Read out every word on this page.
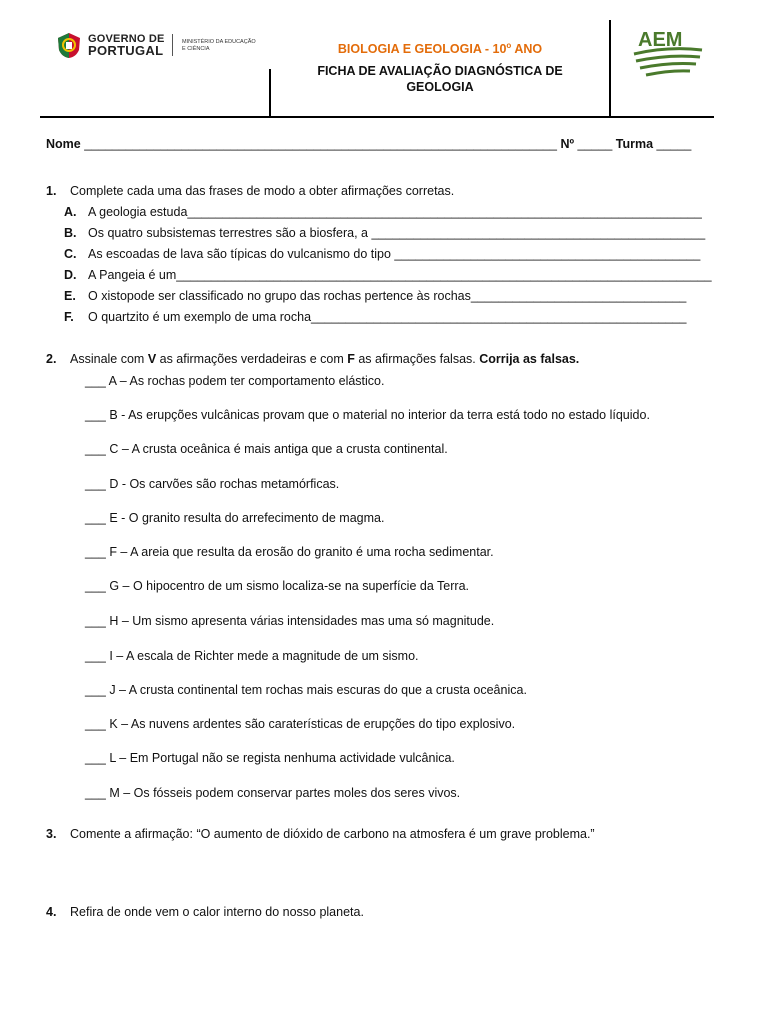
GOVERNO DE
PORTUGAL
MINISTÉRIO DA EDUCAÇÃO
E CIÊNCIA	BIOLOGIA E GEOLOGIA - 10$^o$ ANO
FICHA DE AVALIAÇÃO DIAGNÓSTICA DE
GEOLOGIA
AEM
Nome ____________________________________________________________________ Nº _____ Turma _____
1. Complete cada uma das frases de modo a obter afirmações corretas.
A. A geologia estuda__________________________________________________________________________
B. Os quatro subsistemas terrestres são a biosfera, a ________________________________________________
C. As escoadas de lava são típicas do vulcanismo do tipo ____________________________________________
D. A Pangeia é um_____________________________________________________________________________
E. O xistopode ser classificado no grupo das rochas pertence às rochas_______________________________
F. O quartzito é um exemplo de uma rocha______________________________________________________
2. Assinale com V as afirmações verdadeiras e com F as afirmações falsas. Corrija as falsas.
___ A – As rochas podem ter comportamento elástico.
___ B - As erupções vulcânicas provam que o material no interior da terra está todo no estado líquido.
___ C – A crusta oceânica é mais antiga que a crusta continental.
___ D - Os carvões são rochas metamórficas.
___ E - O granito resulta do arrefecimento de magma.
___ F – A areia que resulta da erosão do granito é uma rocha sedimentar.
___ G – O hipocentro de um sismo localiza-se na superfície da Terra.
___ H – Um sismo apresenta várias intensidades mas uma só magnitude.
___ I – A escala de Richter mede a magnitude de um sismo.
___ J – A crusta continental tem rochas mais escuras do que a crusta oceânica.
___ K – As nuvens ardentes são caraterísticas de erupções do tipo explosivo.
___ L – Em Portugal não se regista nenhuma actividade vulcânica.
___ M – Os fósseis podem conservar partes moles dos seres vivos.
3. Comente a afirmação: “O aumento de dióxido de carbono na atmosfera é um grave problema.”
4. Refira de onde vem o calor interno do nosso planeta.
